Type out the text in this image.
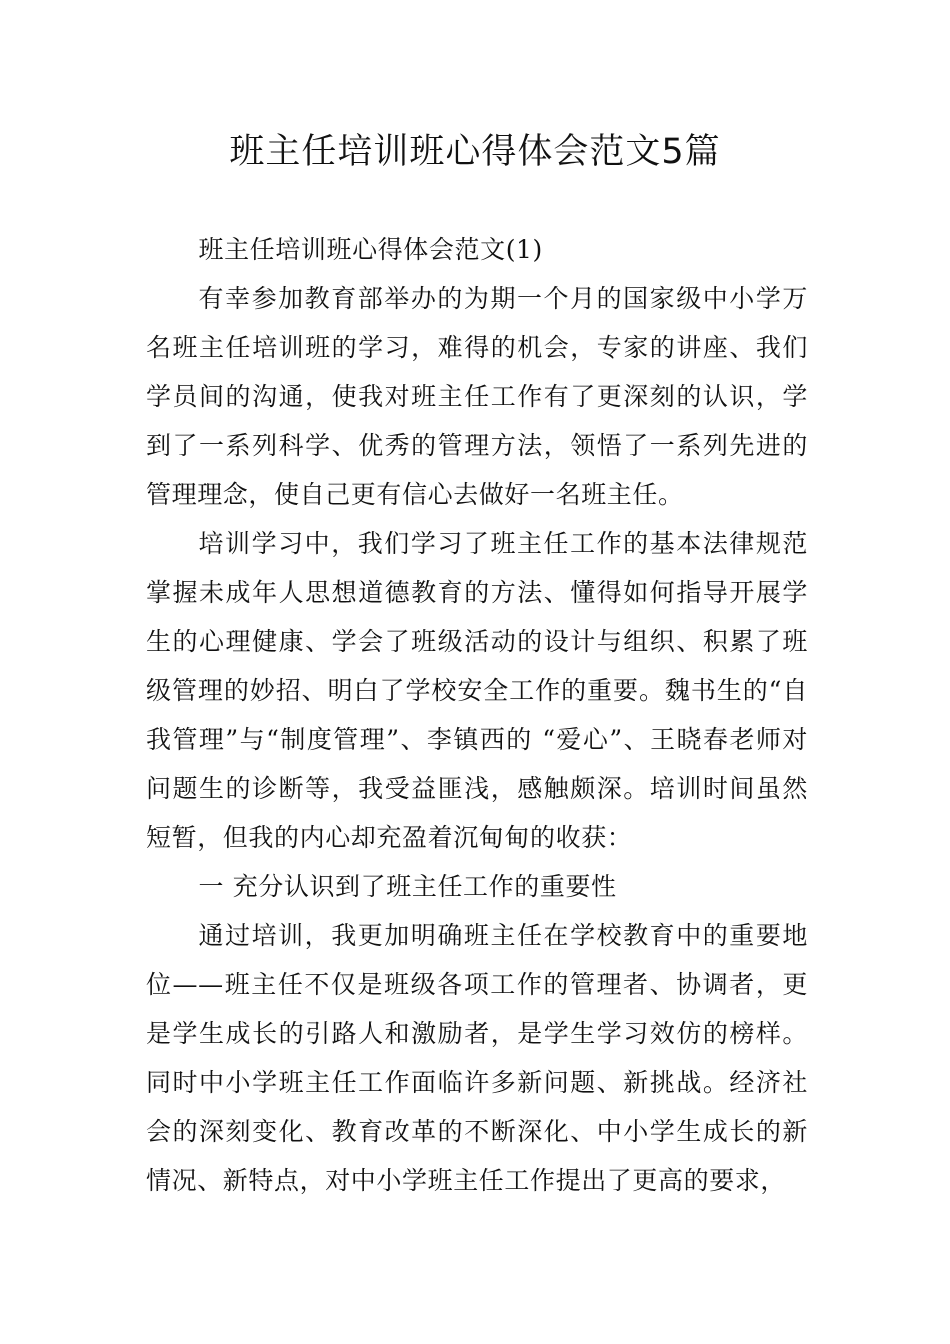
班主任培训班心得体会范文5篇

班主任培训班心得体会范文(1)

有幸参加教育部举办的为期一个月的国家级中小学万名班主任培训班的学习，难得的机会，专家的讲座、我们学员间的沟通，使我对班主任工作有了更深刻的认识，学到了一系列科学、优秀的管理方法，领悟了一系列先进的管理理念，使自己更有信心去做好一名班主任。

培训学习中，我们学习了班主任工作的基本法律规范掌握未成年人思想道德教育的方法、懂得如何指导开展学生的心理健康、学会了班级活动的设计与组织、积累了班级管理的妙招、明白了学校安全工作的重要。魏书生的“自我管理”与“制度管理”、李镇西的 “爱心”、王晓春老师对问题生的诊断等，我受益匪浅，感触颇深。培训时间虽然短暂，但我的内心却充盈着沉甸甸的收获：

一 充分认识到了班主任工作的重要性

通过培训，我更加明确班主任在学校教育中的重要地位——班主任不仅是班级各项工作的管理者、协调者，更是学生成长的引路人和激励者，是学生学习效仿的榜样。同时中小学班主任工作面临许多新问题、新挑战。经济社会的深刻变化、教育改革的不断深化、中小学生成长的新情况、新特点，对中小学班主任工作提出了更高的要求，
